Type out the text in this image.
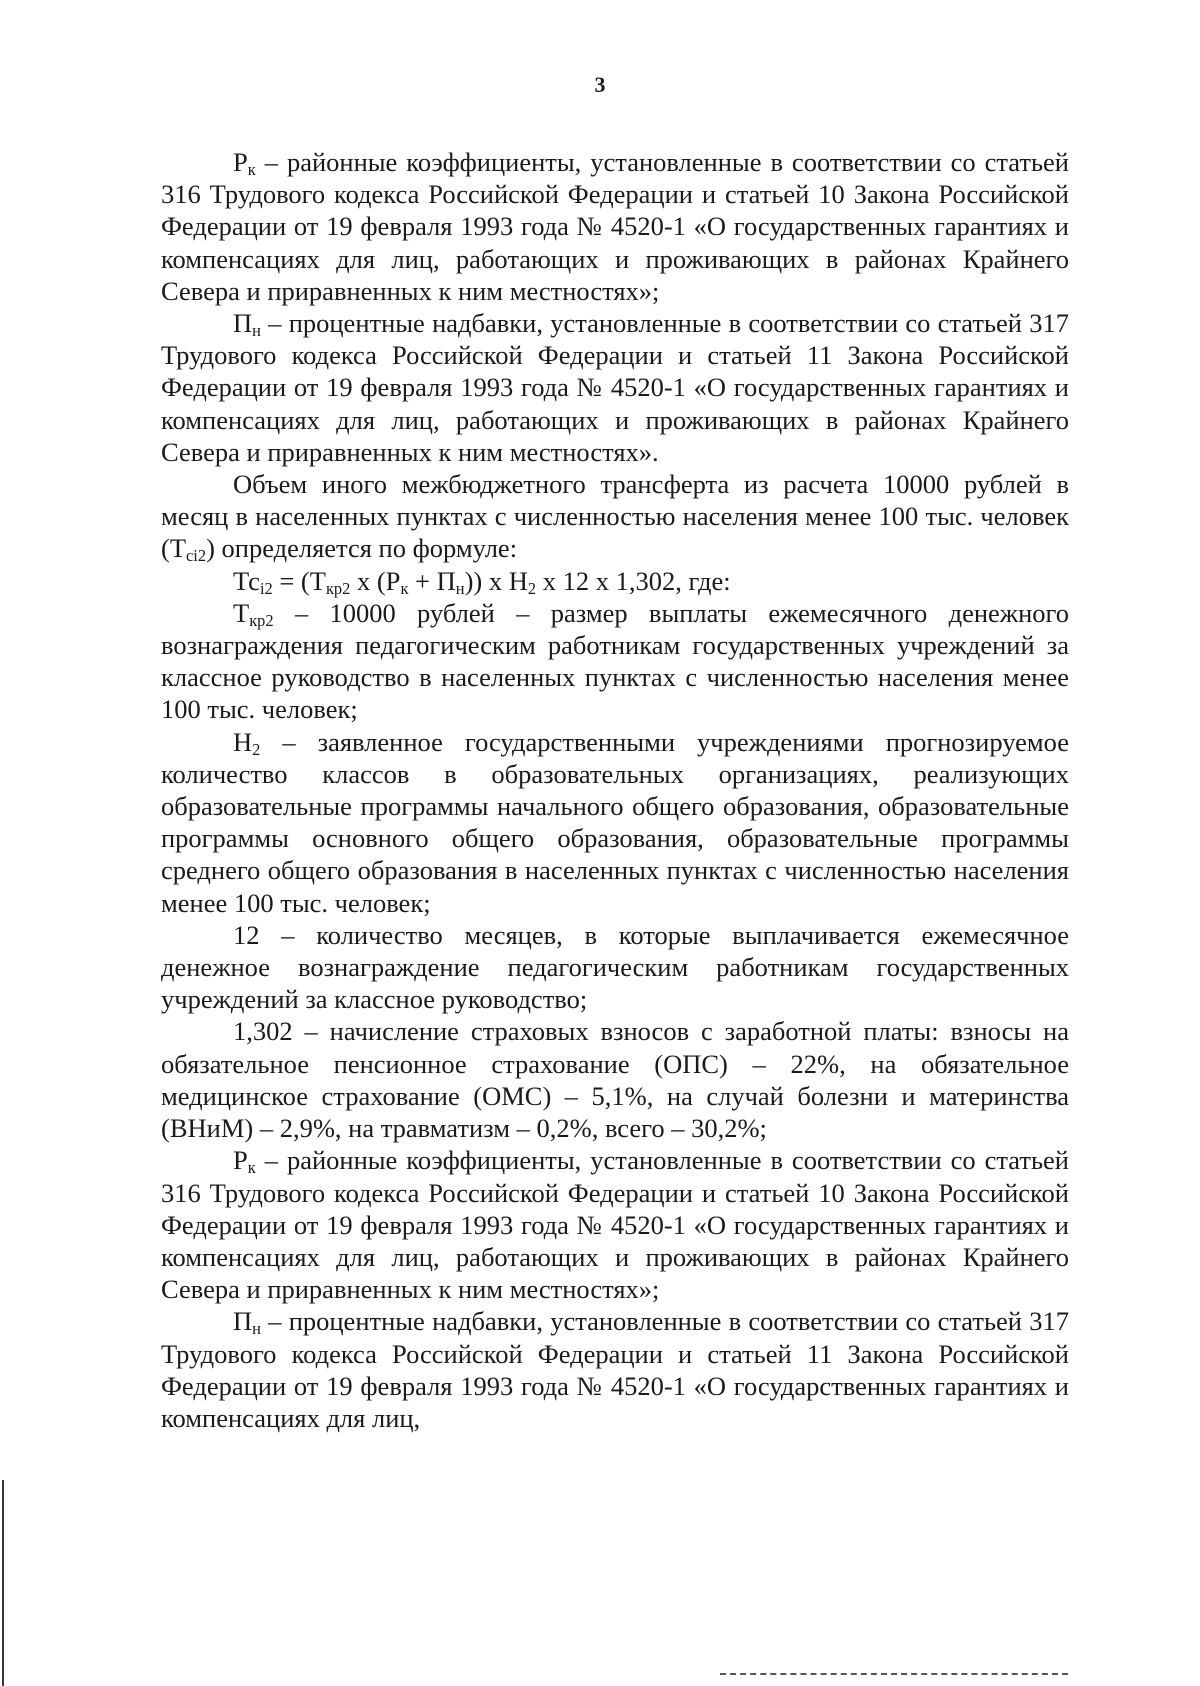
3

$Р_к$ – районные коэффициенты, установленные в соответствии со статьей 316 Трудового кодекса Российской Федерации и статьей 10 Закона Российской Федерации от 19 февраля 1993 года № 4520-1 «О государственных гарантиях и компенсациях для лиц, работающих и проживающих в районах Крайнего Севера и приравненных к ним местностях»;

$П_н$ – процентные надбавки, установленные в соответствии со статьей 317 Трудового кодекса Российской Федерации и статьей 11 Закона Российской Федерации от 19 февраля 1993 года № 4520-1 «О государственных гарантиях и компенсациях для лиц, работающих и проживающих в районах Крайнего Севера и приравненных к ним местностях».

Объем иного межбюджетного трансферта из расчета 10000 рублей в месяц в населенных пунктах с численностью населения менее 100 тыс. человек $(Т_{ci2})$ определяется по формуле:

$Тс_{i2} = (Т_{кр2}$ x $(Р_к + П_н)$) x $Н_2$ x 12 x 1,302, где:

$Т_{кр2} - 10000$ рублей – размер выплаты ежемесячного денежного вознаграждения педагогическим работникам государственных учреждений за классное руководство в населенных пунктах с численностью населения менее 100 тыс. человек;

$Н_2$ – заявленное государственными учреждениями прогнозируемое количество классов в образовательных организациях, реализующих образовательные программы начального общего образования, образовательные программы основного общего образования, образовательные программы среднего общего образования в населенных пунктах с численностью населения менее 100 тыс. человек;

12 – количество месяцев, в которые выплачивается ежемесячное денежное вознаграждение педагогическим работникам государственных учреждений за классное руководство;

1,302 – начисление страховых взносов с заработной платы: взносы на обязательное пенсионное страхование (ОПС) – 22%, на обязательное медицинское страхование (ОМС) – 5,1%, на случай болезни и материнства (ВНиМ) – 2,9%, на травматизм – 0,2%, всего – 30,2%;

$Р_к$ – районные коэффициенты, установленные в соответствии со статьей 316 Трудового кодекса Российской Федерации и статьей 10 Закона Российской Федерации от 19 февраля 1993 года № 4520-1 «О государственных гарантиях и компенсациях для лиц, работающих и проживающих в районах Крайнего Севера и приравненных к ним местностях»;

$П_н$ – процентные надбавки, установленные в соответствии со статьей 317 Трудового кодекса Российской Федерации и статьей 11 Закона Российской Федерации от 19 февраля 1993 года № 4520-1 «О государственных гарантиях и компенсациях для лиц,
